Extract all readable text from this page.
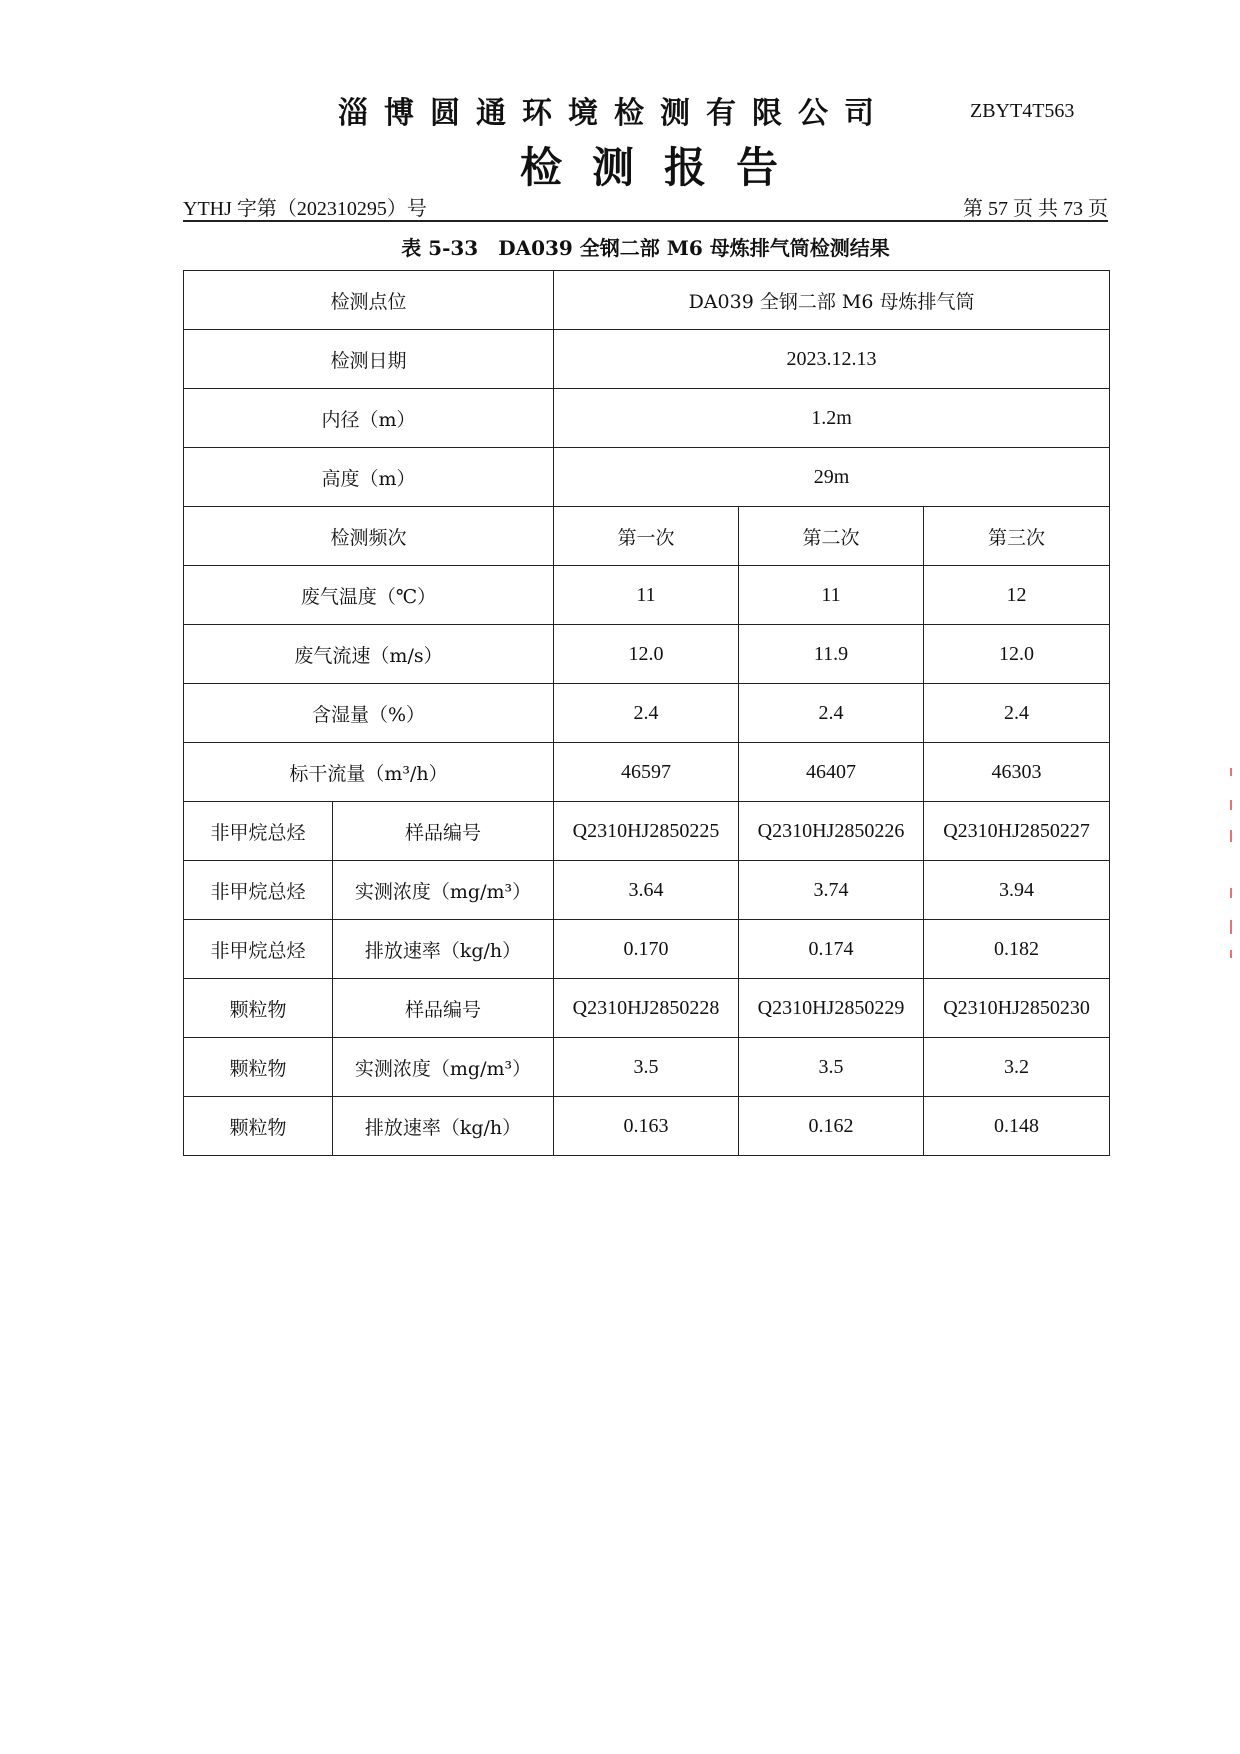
淄博圆通环境检测有限公司	ZBYT4T563
检测报告
YTHJ 字第（202310295）号	第 57 页 共 73 页
表 5-33　DA039 全钢二部 M6 母炼排气筒检测结果
检测点位		DA039 全钢二部 M6 母炼排气筒		
检测日期		2023.12.13		
内径（m）		1.2m		
高度（m）		29m		
检测频次		第一次	第二次	第三次
废气温度（℃）		11	11	12
废气流速（m/s）		12.0	11.9	12.0
含湿量（%）		2.4	2.4	2.4
标干流量（m³/h）		46597	46407	46303
非甲烷总烃	样品编号	Q2310HJ2850225	Q2310HJ2850226	Q2310HJ2850227
非甲烷总烃	实测浓度（mg/m³）	3.64	3.74	3.94
非甲烷总烃	排放速率（kg/h）	0.170	0.174	0.182
颗粒物	样品编号	Q2310HJ2850228	Q2310HJ2850229	Q2310HJ2850230
颗粒物	实测浓度（mg/m³）	3.5	3.5	3.2
颗粒物	排放速率（kg/h）	0.163	0.162	0.148
